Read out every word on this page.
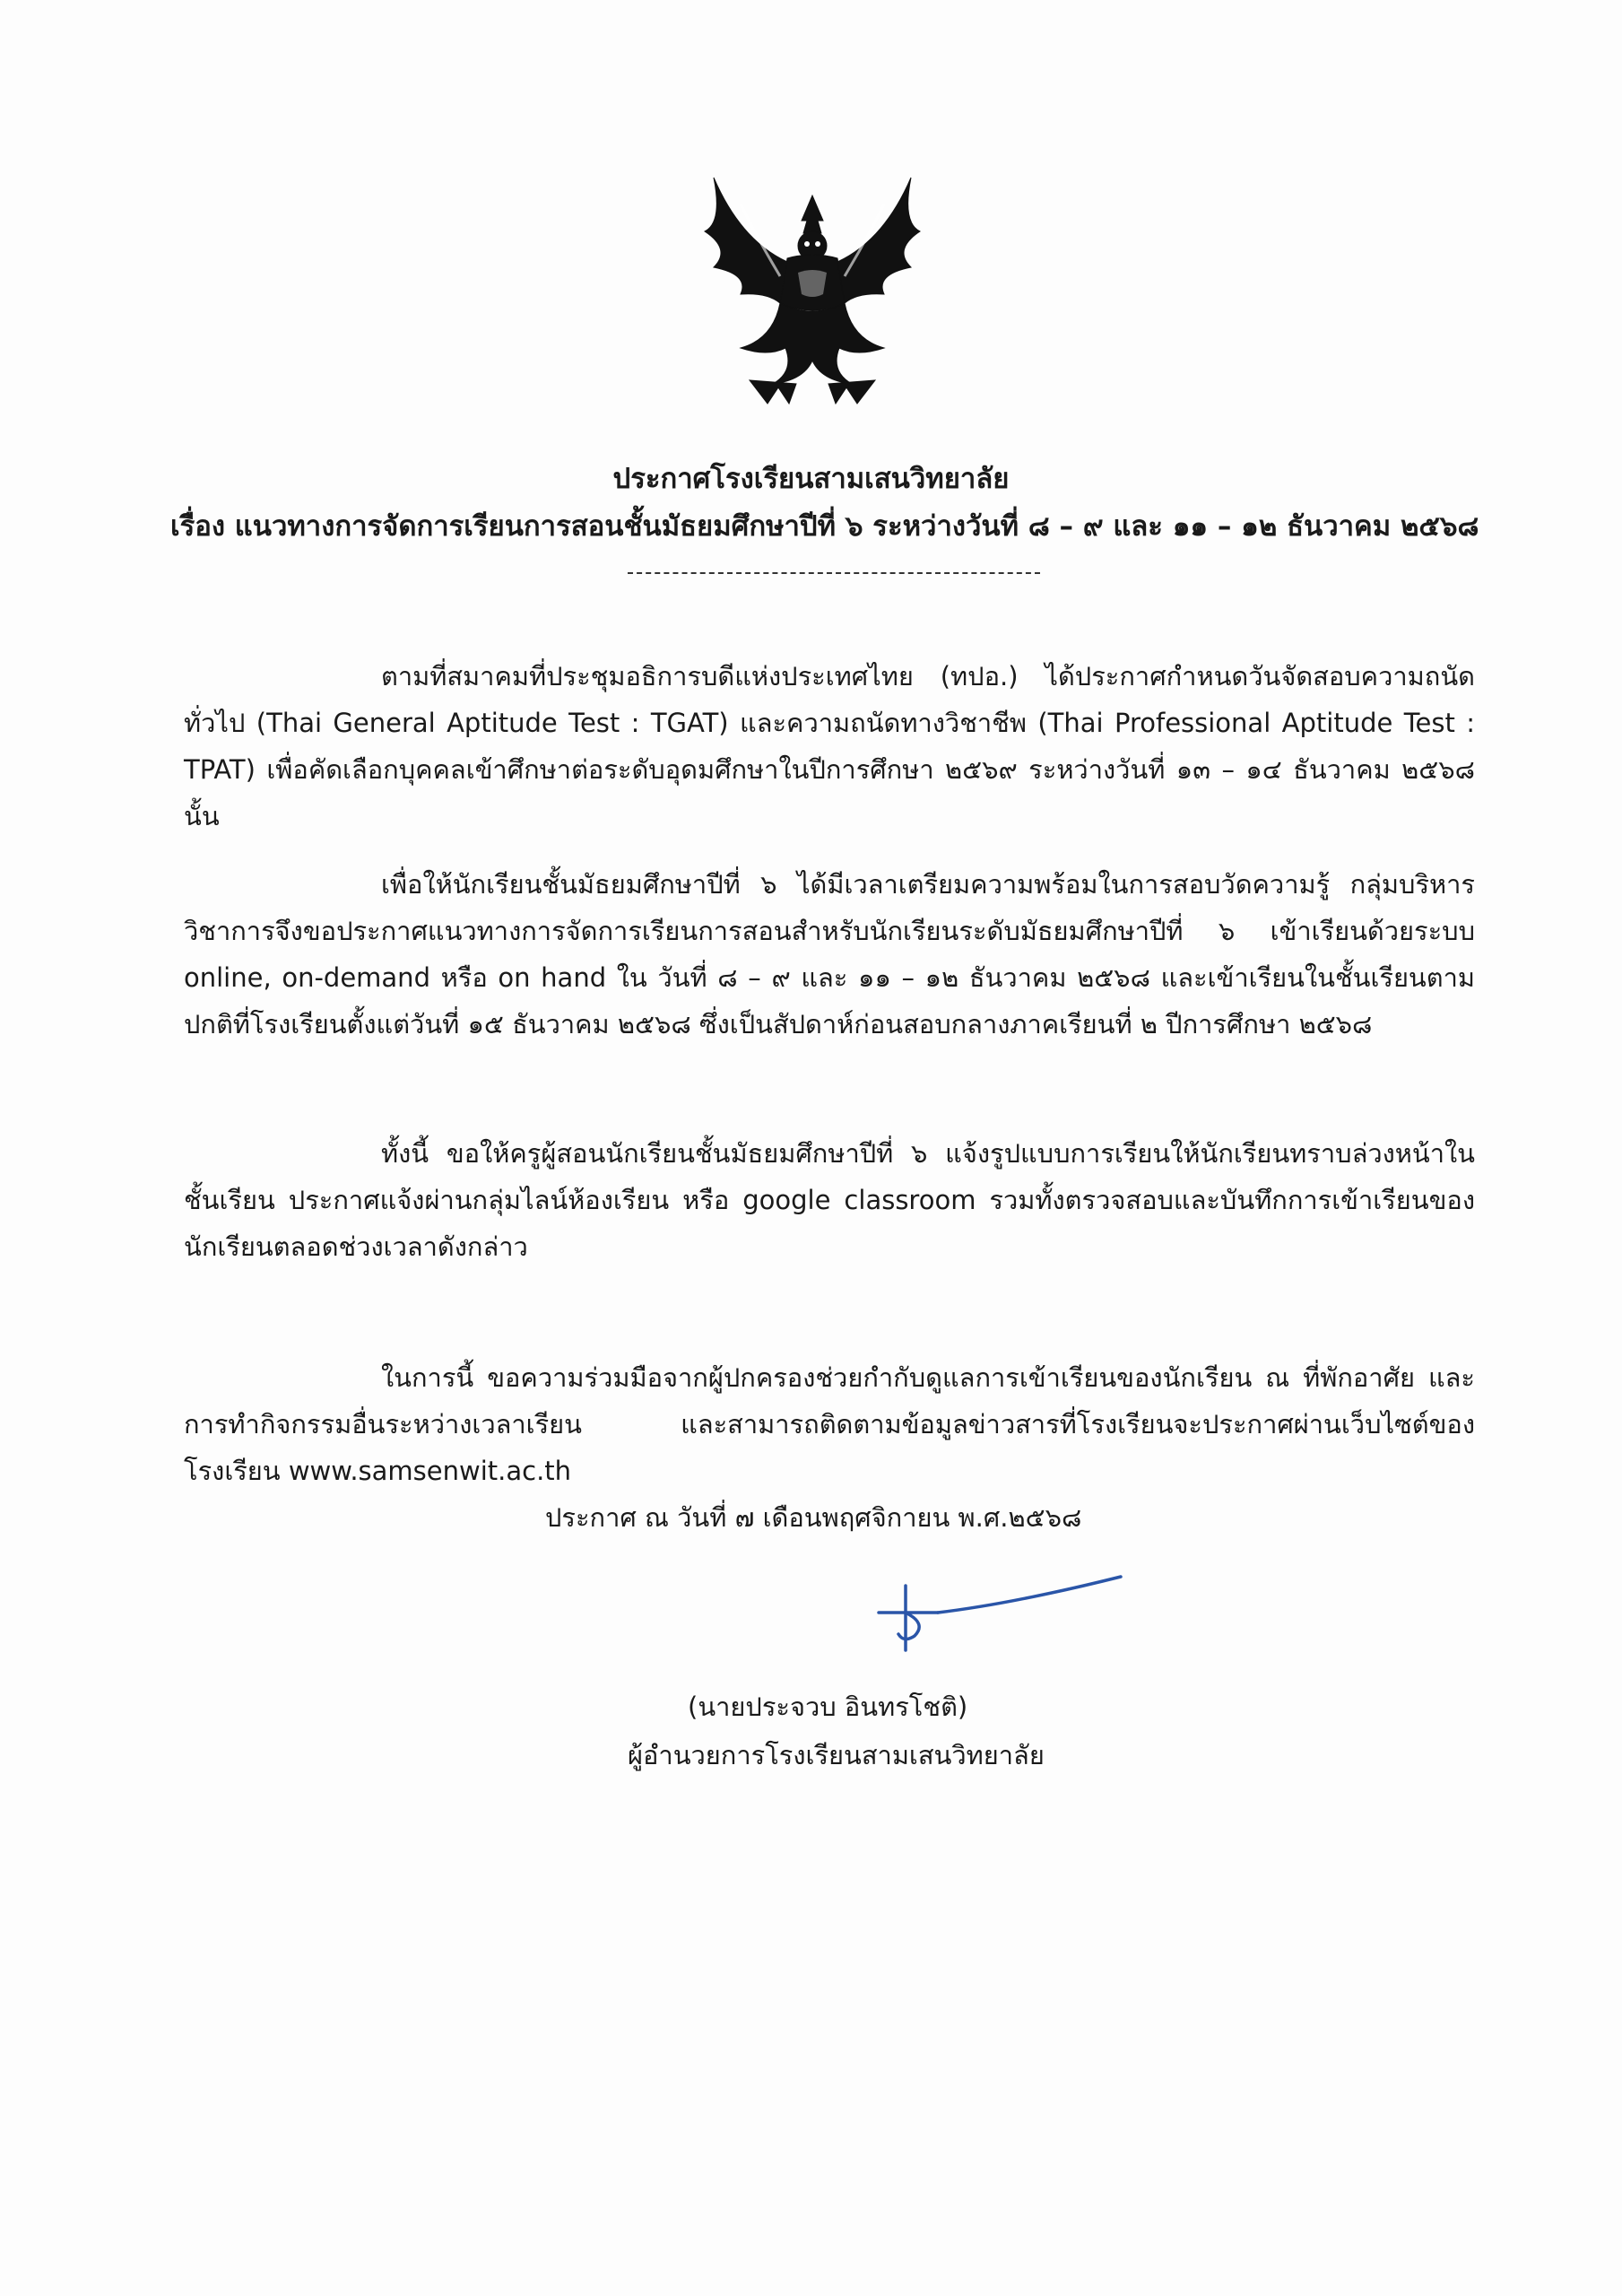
ประกาศโรงเรียนสามเสนวิทยาลัย
เรื่อง แนวทางการจัดการเรียนการสอนชั้นมัธยมศึกษาปีที่ ๖ ระหว่างวันที่ ๘ – ๙ และ ๑๑ – ๑๒ ธันวาคม ๒๕๖๘

ตามที่สมาคมที่ประชุมอธิการบดีแห่งประเทศไทย (ทปอ.) ได้ประกาศกำหนดวันจัดสอบความถนัดทั่วไป (Thai General Aptitude Test : TGAT) และความถนัดทางวิชาชีพ (Thai Professional Aptitude Test : TPAT) เพื่อคัดเลือกบุคคลเข้าศึกษาต่อระดับอุดมศึกษาในปีการศึกษา ๒๕๖๙ ระหว่างวันที่ ๑๓ – ๑๔ ธันวาคม ๒๕๖๘ นั้น

เพื่อให้นักเรียนชั้นมัธยมศึกษาปีที่ ๖ ได้มีเวลาเตรียมความพร้อมในการสอบวัดความรู้ กลุ่มบริหารวิชาการจึงขอประกาศแนวทางการจัดการเรียนการสอนสำหรับนักเรียนระดับมัธยมศึกษาปีที่ ๖ เข้าเรียนด้วยระบบ online, on-demand หรือ on hand ใน วันที่ ๘ – ๙ และ ๑๑ – ๑๒ ธันวาคม ๒๕๖๘ และเข้าเรียนในชั้นเรียนตามปกติที่โรงเรียนตั้งแต่วันที่ ๑๕ ธันวาคม ๒๕๖๘ ซึ่งเป็นสัปดาห์ก่อนสอบกลางภาคเรียนที่ ๒ ปีการศึกษา ๒๕๖๘

ทั้งนี้ ขอให้ครูผู้สอนนักเรียนชั้นมัธยมศึกษาปีที่ ๖ แจ้งรูปแบบการเรียนให้นักเรียนทราบล่วงหน้าในชั้นเรียน ประกาศแจ้งผ่านกลุ่มไลน์ห้องเรียน หรือ google classroom รวมทั้งตรวจสอบและบันทึกการเข้าเรียนของนักเรียนตลอดช่วงเวลาดังกล่าว

ในการนี้ ขอความร่วมมือจากผู้ปกครองช่วยกำกับดูแลการเข้าเรียนของนักเรียน ณ ที่พักอาศัย และการทำกิจกรรมอื่นระหว่างเวลาเรียน และสามารถติดตามข้อมูลข่าวสารที่โรงเรียนจะประกาศผ่านเว็บไซต์ของโรงเรียน www.samsenwit.ac.th

ประกาศ ณ วันที่ ๗ เดือนพฤศจิกายน พ.ศ.๒๕๖๘
(นายประจวบ อินทรโชติ)
ผู้อำนวยการโรงเรียนสามเสนวิทยาลัย
